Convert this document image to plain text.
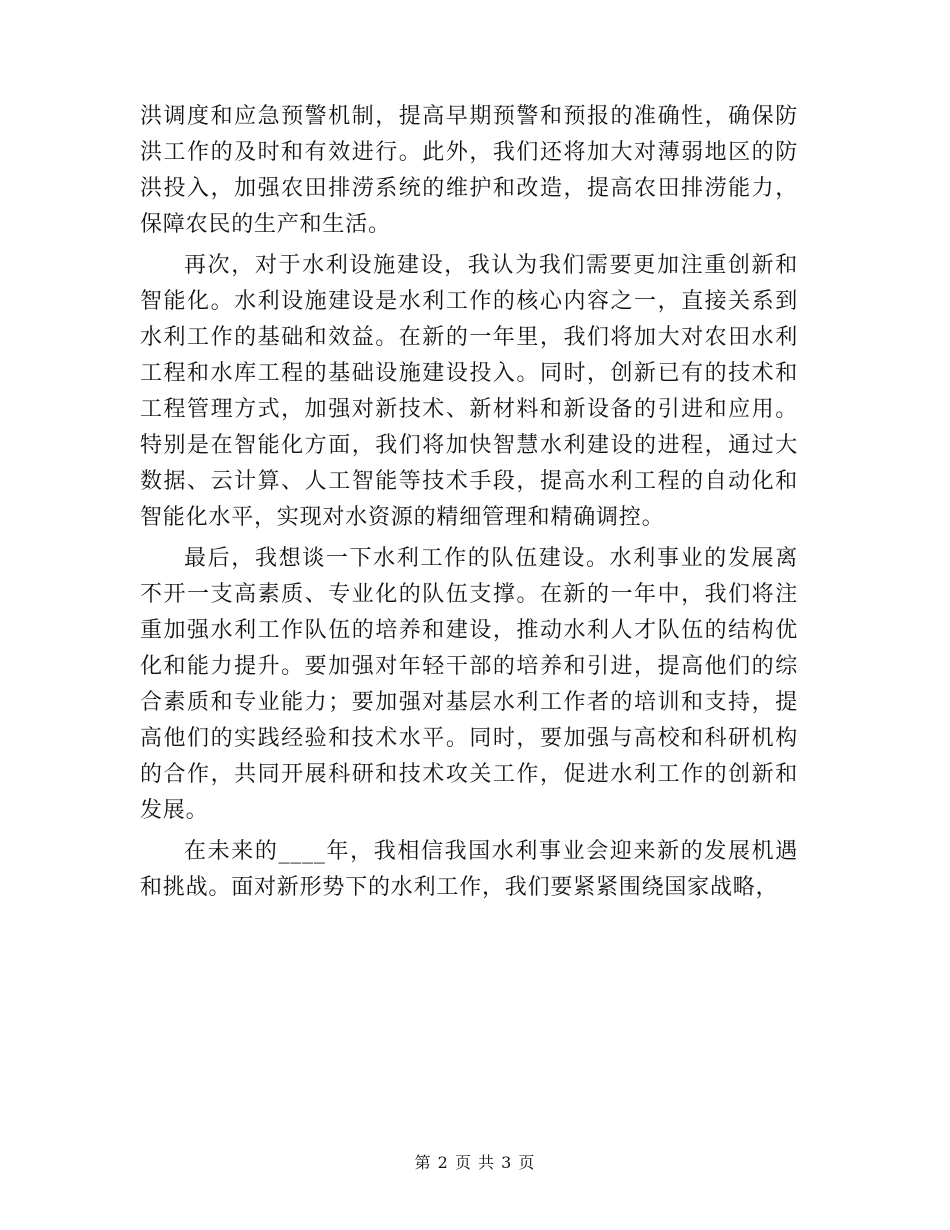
洪调度和应急预警机制，提高早期预警和预报的准确性，确保防洪工作的及时和有效进行。此外，我们还将加大对薄弱地区的防洪投入，加强农田排涝系统的维护和改造，提高农田排涝能力，保障农民的生产和生活。

再次，对于水利设施建设，我认为我们需要更加注重创新和智能化。水利设施建设是水利工作的核心内容之一，直接关系到水利工作的基础和效益。在新的一年里，我们将加大对农田水利工程和水库工程的基础设施建设投入。同时，创新已有的技术和工程管理方式，加强对新技术、新材料和新设备的引进和应用。特别是在智能化方面，我们将加快智慧水利建设的进程，通过大数据、云计算、人工智能等技术手段，提高水利工程的自动化和智能化水平，实现对水资源的精细管理和精确调控。

最后，我想谈一下水利工作的队伍建设。水利事业的发展离不开一支高素质、专业化的队伍支撑。在新的一年中，我们将注重加强水利工作队伍的培养和建设，推动水利人才队伍的结构优化和能力提升。要加强对年轻干部的培养和引进，提高他们的综合素质和专业能力；要加强对基层水利工作者的培训和支持，提高他们的实践经验和技术水平。同时，要加强与高校和科研机构的合作，共同开展科研和技术攻关工作，促进水利工作的创新和发展。

在未来的____年，我相信我国水利事业会迎来新的发展机遇和挑战。面对新形势下的水利工作，我们要紧紧围绕国家战略，

第 2 页 共 3 页
